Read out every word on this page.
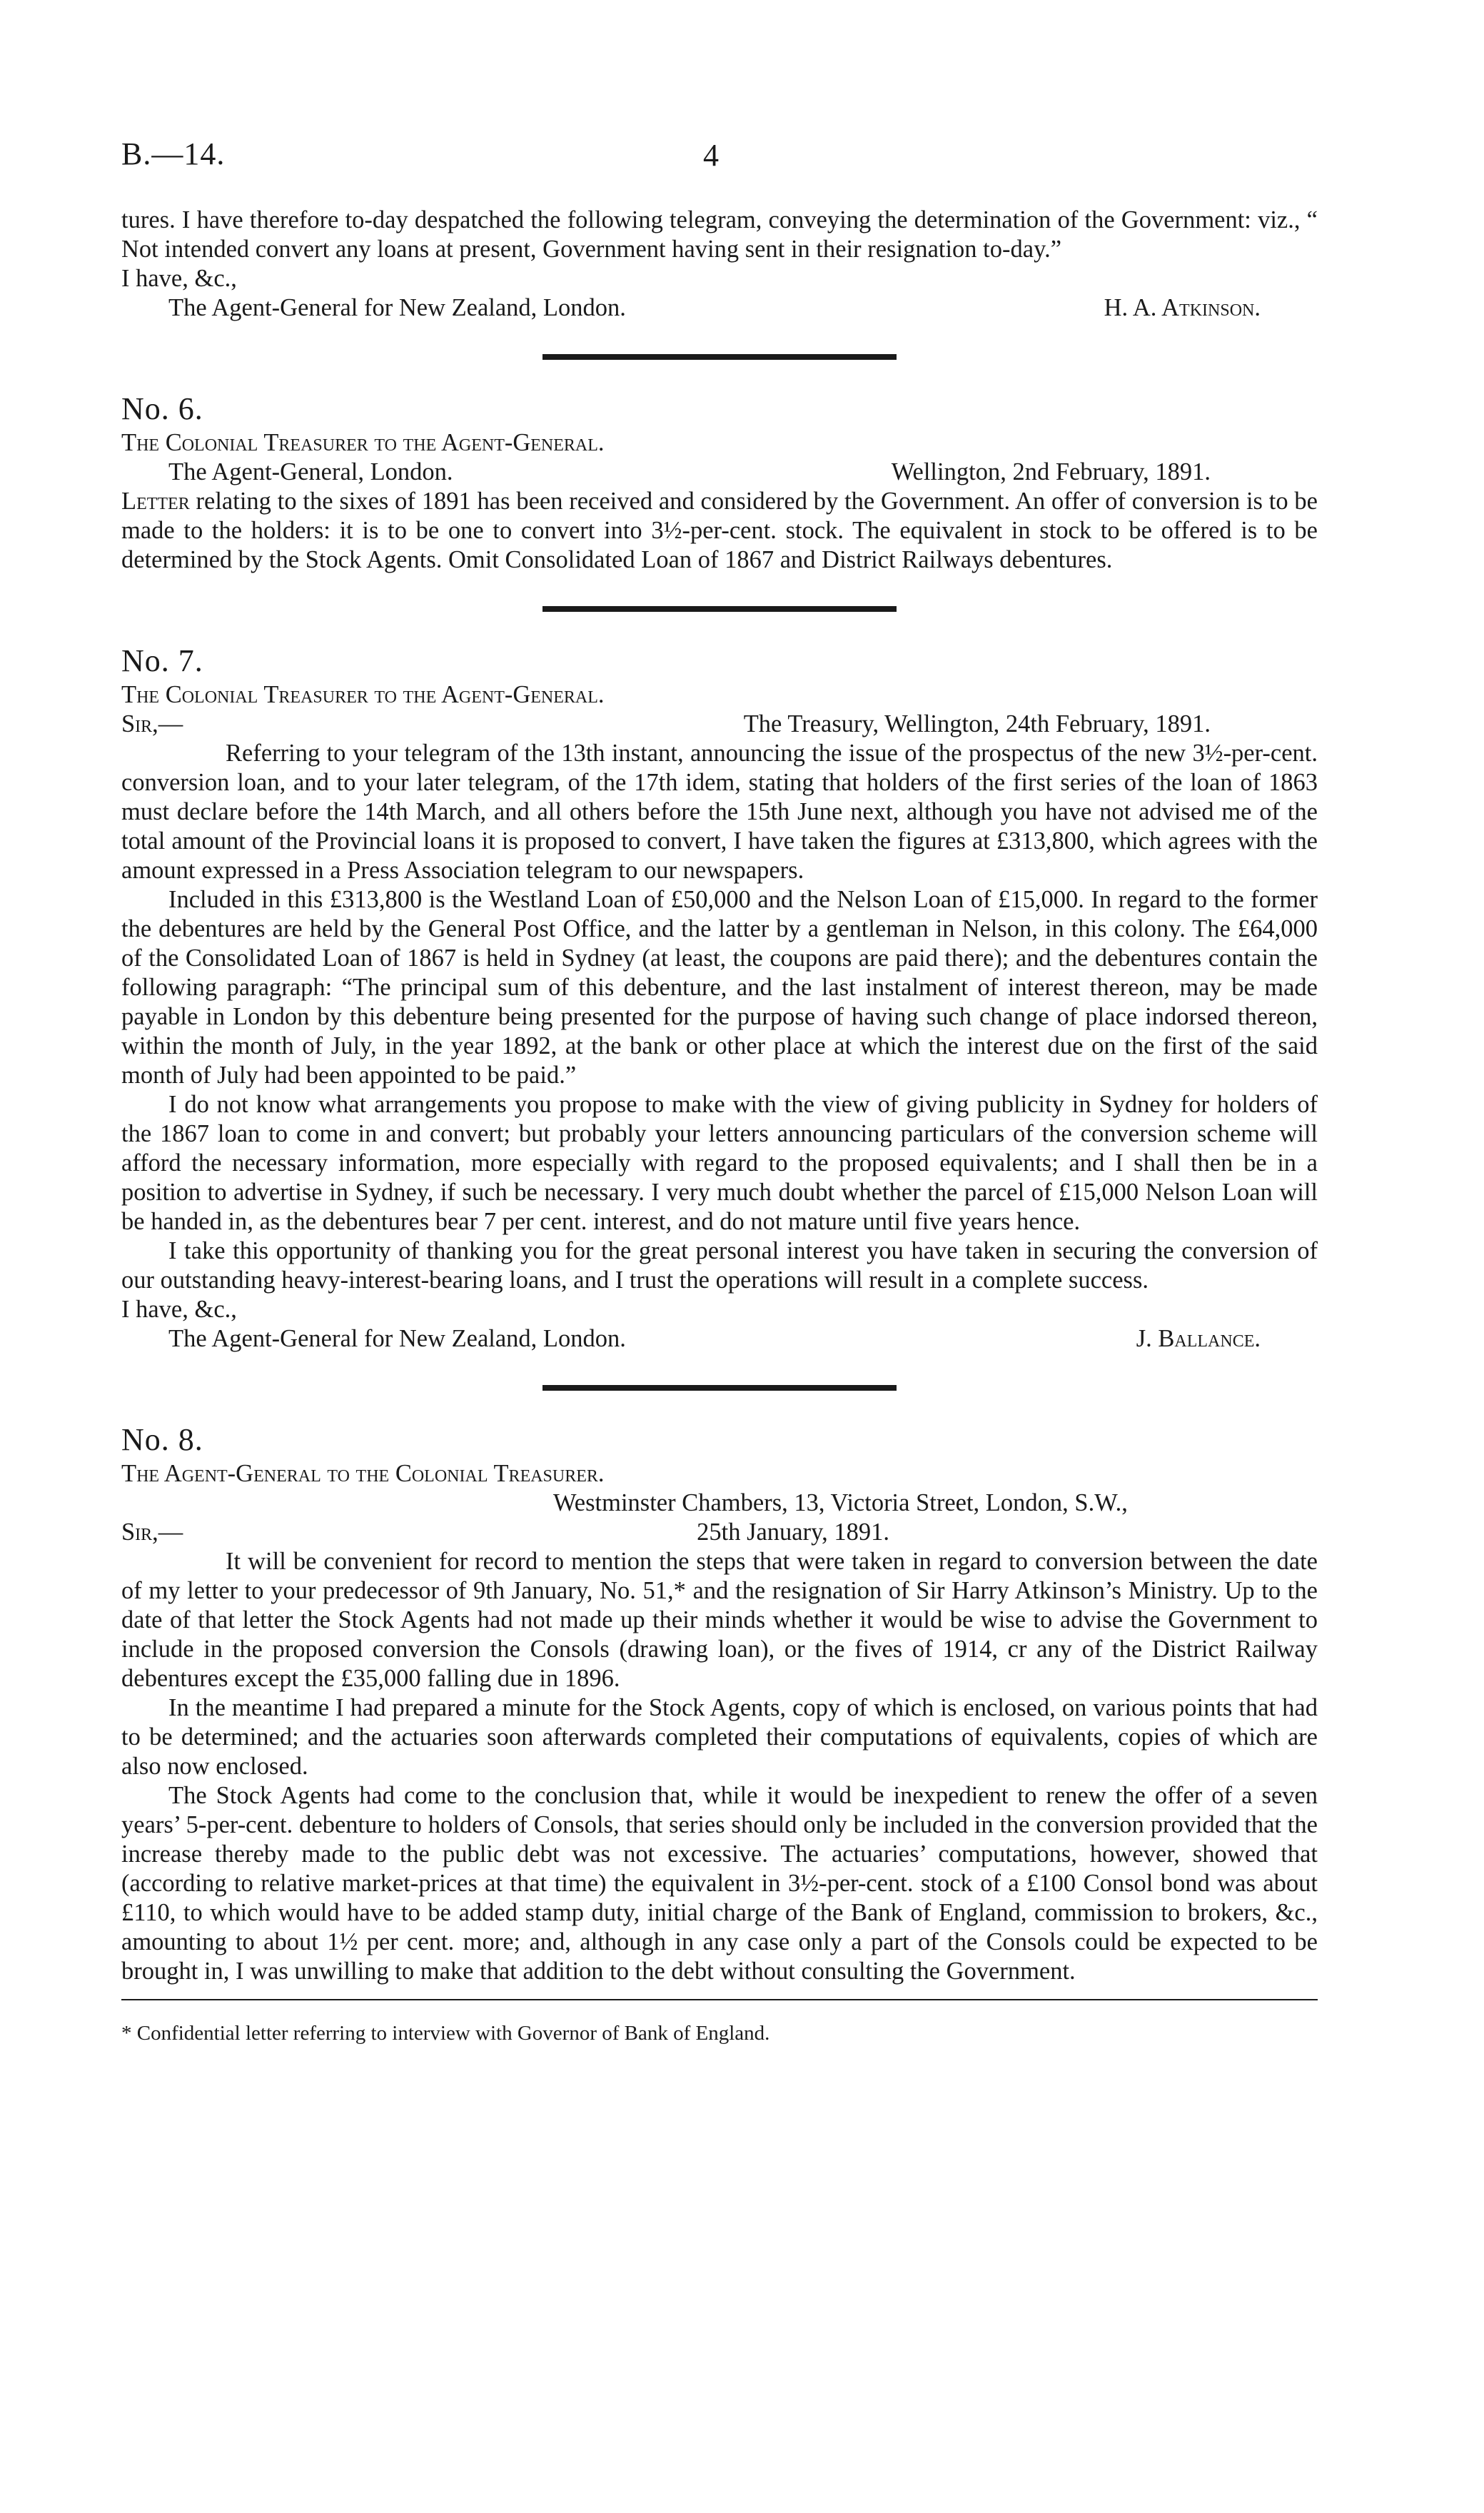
B.—14.	4

tures. I have therefore to-day despatched the following telegram, conveying the determination of the Government: viz., “ Not intended convert any loans at present, Government having sent in their resignation to-day.”

I have, &c.,

The Agent-General for New Zealand, London.	H. A. Atkinson.

No. 6.

The Colonial Treasurer to the Agent-General.

The Agent-General, London.	Wellington, 2nd February, 1891.

Letter relating to the sixes of 1891 has been received and considered by the Government. An offer of conversion is to be made to the holders: it is to be one to convert into 3½-per-cent. stock. The equivalent in stock to be offered is to be determined by the Stock Agents. Omit Consolidated Loan of 1867 and District Railways debentures.

No. 7.

The Colonial Treasurer to the Agent-General.

Sir,—	The Treasury, Wellington, 24th February, 1891.

Referring to your telegram of the 13th instant, announcing the issue of the prospectus of the new 3½-per-cent. conversion loan, and to your later telegram, of the 17th idem, stating that holders of the first series of the loan of 1863 must declare before the 14th March, and all others before the 15th June next, although you have not advised me of the total amount of the Provincial loans it is proposed to convert, I have taken the figures at £313,800, which agrees with the amount expressed in a Press Association telegram to our newspapers.

Included in this £313,800 is the Westland Loan of £50,000 and the Nelson Loan of £15,000. In regard to the former the debentures are held by the General Post Office, and the latter by a gentleman in Nelson, in this colony. The £64,000 of the Consolidated Loan of 1867 is held in Sydney (at least, the coupons are paid there); and the debentures contain the following paragraph: “The principal sum of this debenture, and the last instalment of interest thereon, may be made payable in London by this debenture being presented for the purpose of having such change of place indorsed thereon, within the month of July, in the year 1892, at the bank or other place at which the interest due on the first of the said month of July had been appointed to be paid.”

I do not know what arrangements you propose to make with the view of giving publicity in Sydney for holders of the 1867 loan to come in and convert; but probably your letters announcing particulars of the conversion scheme will afford the necessary information, more especially with regard to the proposed equivalents; and I shall then be in a position to advertise in Sydney, if such be necessary. I very much doubt whether the parcel of £15,000 Nelson Loan will be handed in, as the debentures bear 7 per cent. interest, and do not mature until five years hence.

I take this opportunity of thanking you for the great personal interest you have taken in securing the conversion of our outstanding heavy-interest-bearing loans, and I trust the operations will result in a complete success.

I have, &c.,

The Agent-General for New Zealand, London.	J. Ballance.

No. 8.

The Agent-General to the Colonial Treasurer.

Westminster Chambers, 13, Victoria Street, London, S.W.,

Sir,—	25th January, 1891.

It will be convenient for record to mention the steps that were taken in regard to conversion between the date of my letter to your predecessor of 9th January, No. 51,* and the resignation of Sir Harry Atkinson’s Ministry. Up to the date of that letter the Stock Agents had not made up their minds whether it would be wise to advise the Government to include in the proposed conversion the Consols (drawing loan), or the fives of 1914, cr any of the District Railway debentures except the £35,000 falling due in 1896.

In the meantime I had prepared a minute for the Stock Agents, copy of which is enclosed, on various points that had to be determined; and the actuaries soon afterwards completed their computations of equivalents, copies of which are also now enclosed.

The Stock Agents had come to the conclusion that, while it would be inexpedient to renew the offer of a seven years’ 5-per-cent. debenture to holders of Consols, that series should only be included in the conversion provided that the increase thereby made to the public debt was not excessive. The actuaries’ computations, however, showed that (according to relative market-prices at that time) the equivalent in 3½-per-cent. stock of a £100 Consol bond was about £110, to which would have to be added stamp duty, initial charge of the Bank of England, commission to brokers, &c., amounting to about 1½ per cent. more; and, although in any case only a part of the Consols could be expected to be brought in, I was unwilling to make that addition to the debt without consulting the Government.

* Confidential letter referring to interview with Governor of Bank of England.
